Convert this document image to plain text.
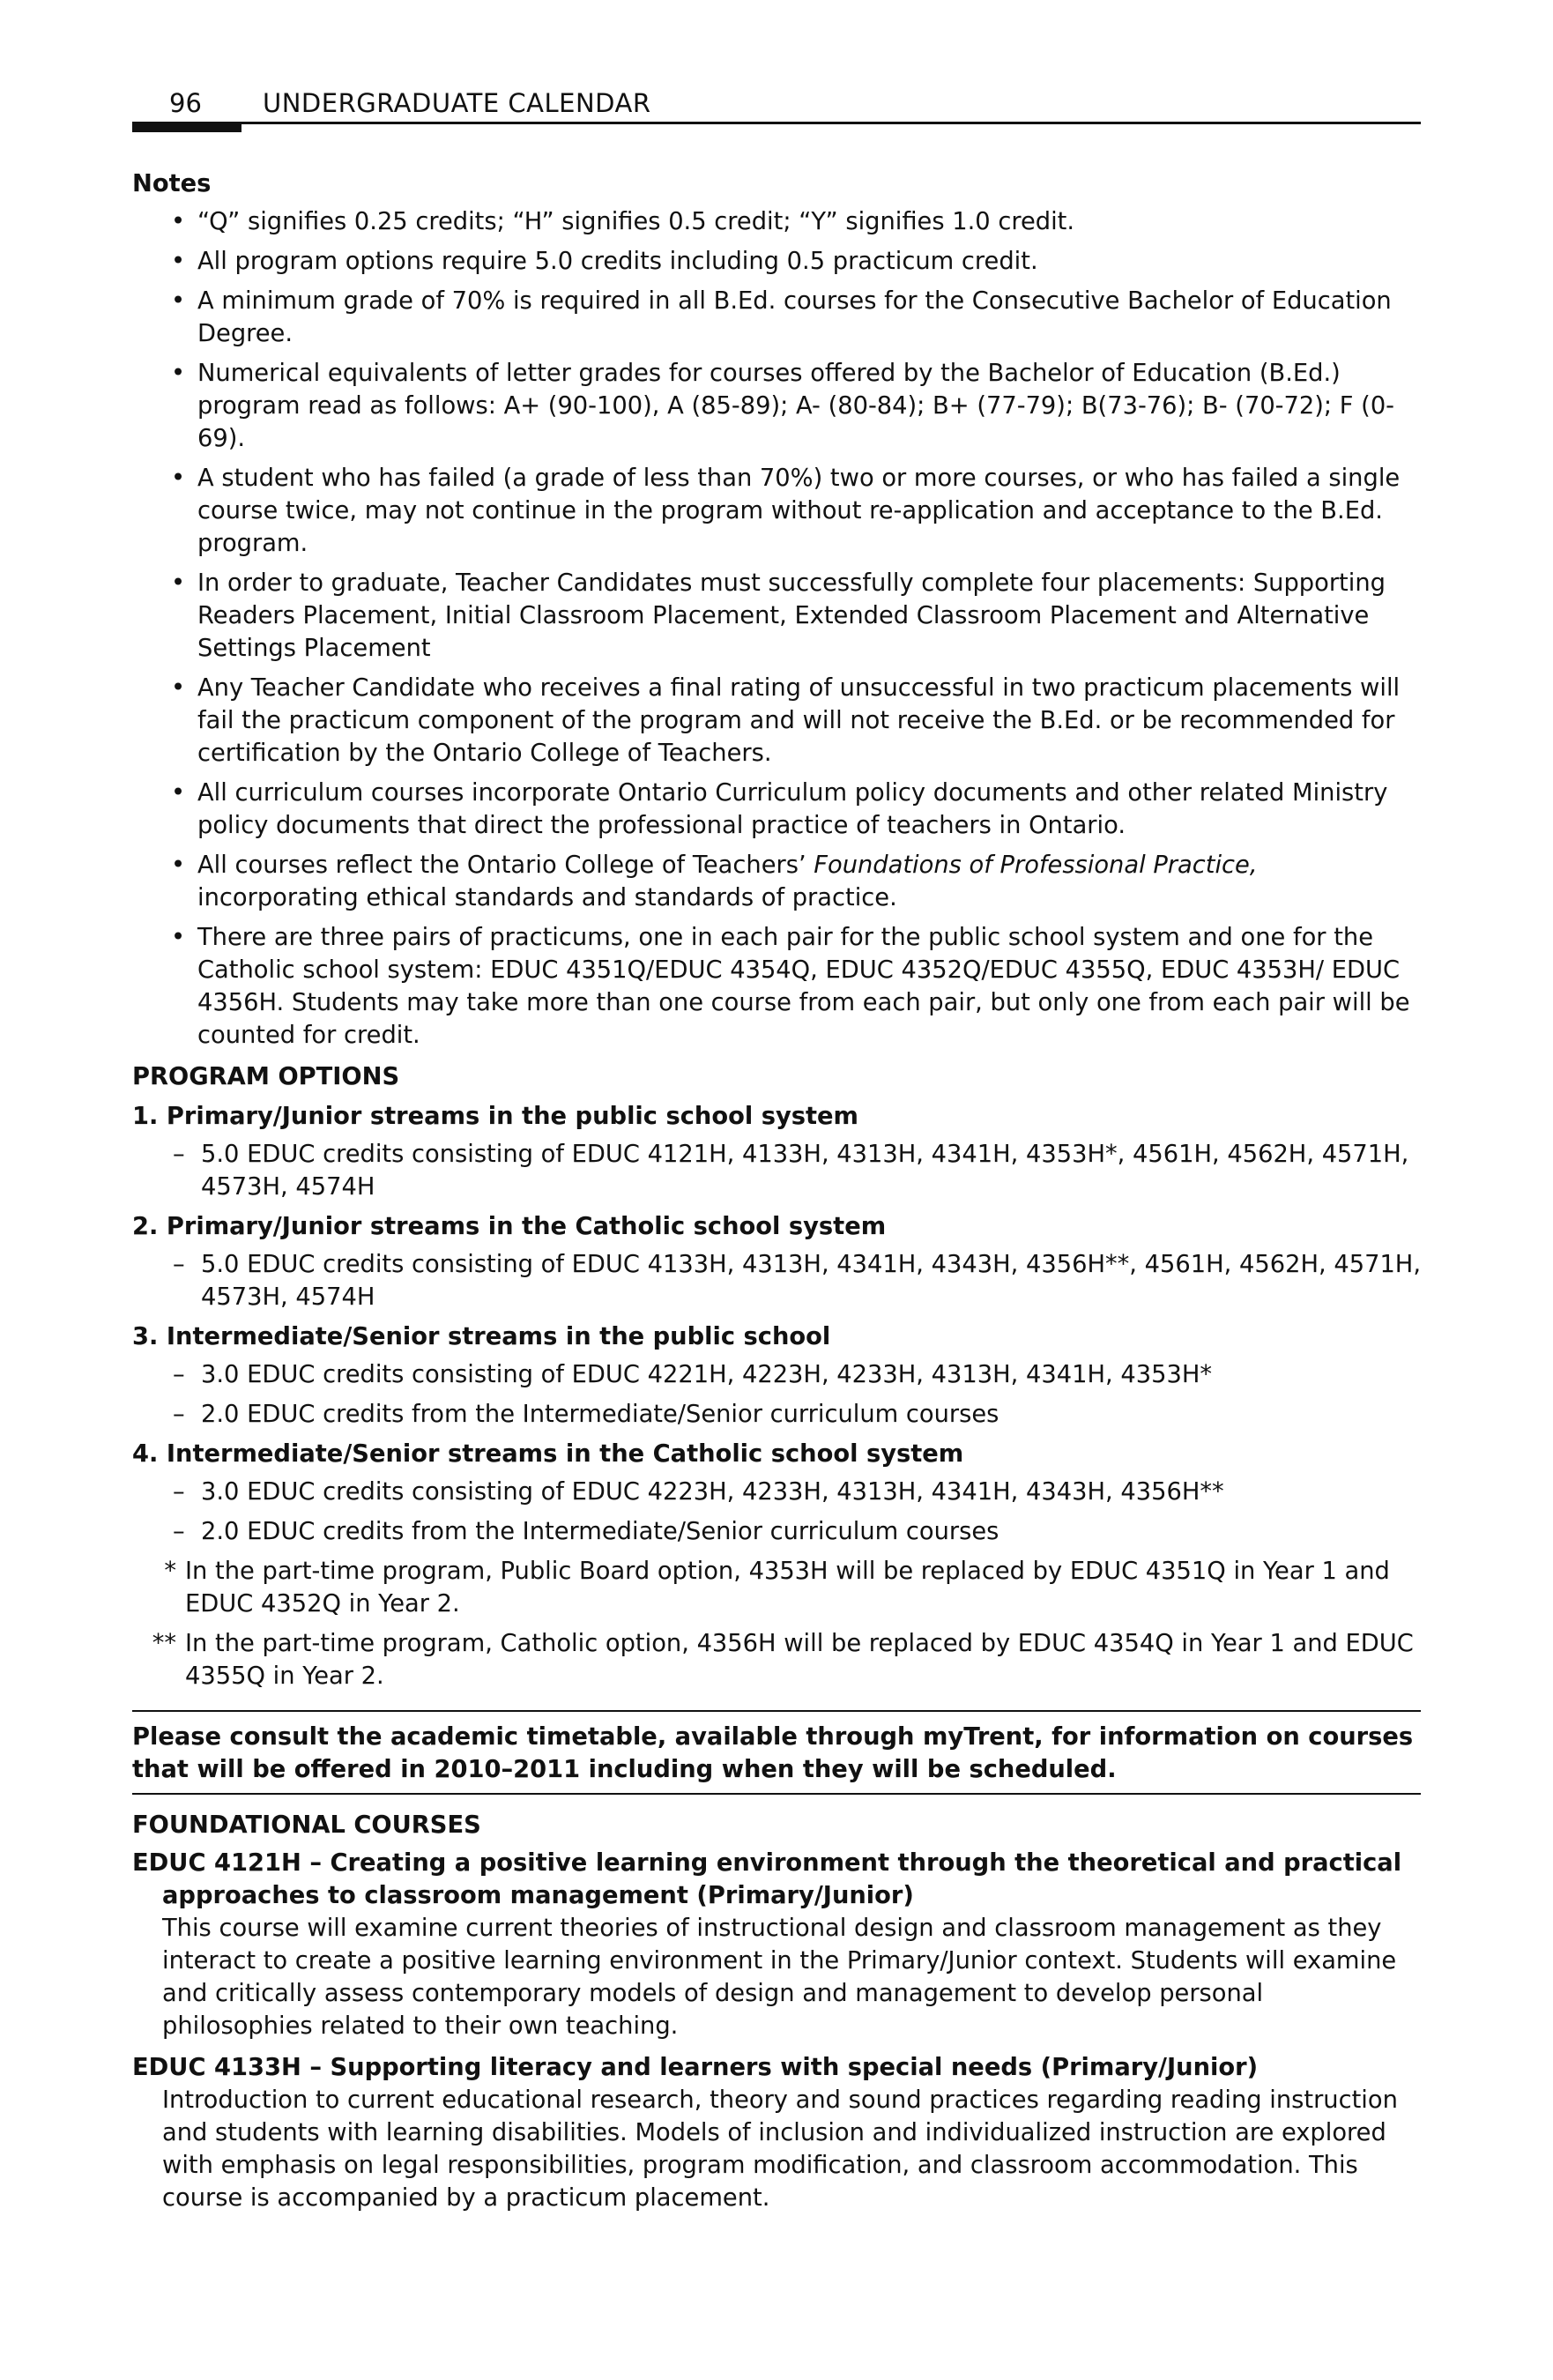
96 UNDERGRADUATE CALENDAR
Notes
• “Q” signifies 0.25 credits; “H” signifies 0.5 credit; “Y” signifies 1.0 credit.
• All program options require 5.0 credits including 0.5 practicum credit.
• A minimum grade of 70% is required in all B.Ed. courses for the Consecutive Bachelor of Education Degree.
• Numerical equivalents of letter grades for courses offered by the Bachelor of Education (B.Ed.) program read as follows: A+ (90-100), A (85-89); A- (80-84); B+ (77-79); B(73-76); B- (70-72); F (0-69).
• A student who has failed (a grade of less than 70%) two or more courses, or who has failed a single course twice, may not continue in the program without re-application and acceptance to the B.Ed. program.
• In order to graduate, Teacher Candidates must successfully complete four placements: Supporting Readers Placement, Initial Classroom Placement, Extended Classroom Placement and Alternative Settings Placement
• Any Teacher Candidate who receives a final rating of unsuccessful in two practicum placements will fail the practicum component of the program and will not receive the B.Ed. or be recommended for certification by the Ontario College of Teachers.
• All curriculum courses incorporate Ontario Curriculum policy documents and other related Ministry policy documents that direct the professional practice of teachers in Ontario.
• All courses reflect the Ontario College of Teachers’ Foundations of Professional Practice, incorporating ethical standards and standards of practice.
• There are three pairs of practicums, one in each pair for the public school system and one for the Catholic school system: EDUC 4351Q/EDUC 4354Q, EDUC 4352Q/EDUC 4355Q, EDUC 4353H/ EDUC 4356H. Students may take more than one course from each pair, but only one from each pair will be counted for credit.
PROGRAM OPTIONS
1. Primary/Junior streams in the public school system
– 5.0 EDUC credits consisting of EDUC 4121H, 4133H, 4313H, 4341H, 4353H*, 4561H, 4562H, 4571H, 4573H, 4574H
2. Primary/Junior streams in the Catholic school system
– 5.0 EDUC credits consisting of EDUC 4133H, 4313H, 4341H, 4343H, 4356H**, 4561H, 4562H, 4571H, 4573H, 4574H
3. Intermediate/Senior streams in the public school
– 3.0 EDUC credits consisting of EDUC 4221H, 4223H, 4233H, 4313H, 4341H, 4353H*
– 2.0 EDUC credits from the Intermediate/Senior curriculum courses
4. Intermediate/Senior streams in the Catholic school system
– 3.0 EDUC credits consisting of EDUC 4223H, 4233H, 4313H, 4341H, 4343H, 4356H**
– 2.0 EDUC credits from the Intermediate/Senior curriculum courses
* In the part-time program, Public Board option, 4353H will be replaced by EDUC 4351Q in Year 1 and EDUC 4352Q in Year 2.
** In the part-time program, Catholic option, 4356H will be replaced by EDUC 4354Q in Year 1 and EDUC 4355Q in Year 2.
Please consult the academic timetable, available through myTrent, for information on courses that will be offered in 2010–2011 including when they will be scheduled.
FOUNDATIONAL COURSES
EDUC 4121H – Creating a positive learning environment through the theoretical and practical approaches to classroom management (Primary/Junior)
This course will examine current theories of instructional design and classroom management as they interact to create a positive learning environment in the Primary/Junior context. Students will examine and critically assess contemporary models of design and management to develop personal philosophies related to their own teaching.
EDUC 4133H – Supporting literacy and learners with special needs (Primary/Junior)
Introduction to current educational research, theory and sound practices regarding reading instruction and students with learning disabilities. Models of inclusion and individualized instruction are explored with emphasis on legal responsibilities, program modification, and classroom accommodation. This course is accompanied by a practicum placement.
